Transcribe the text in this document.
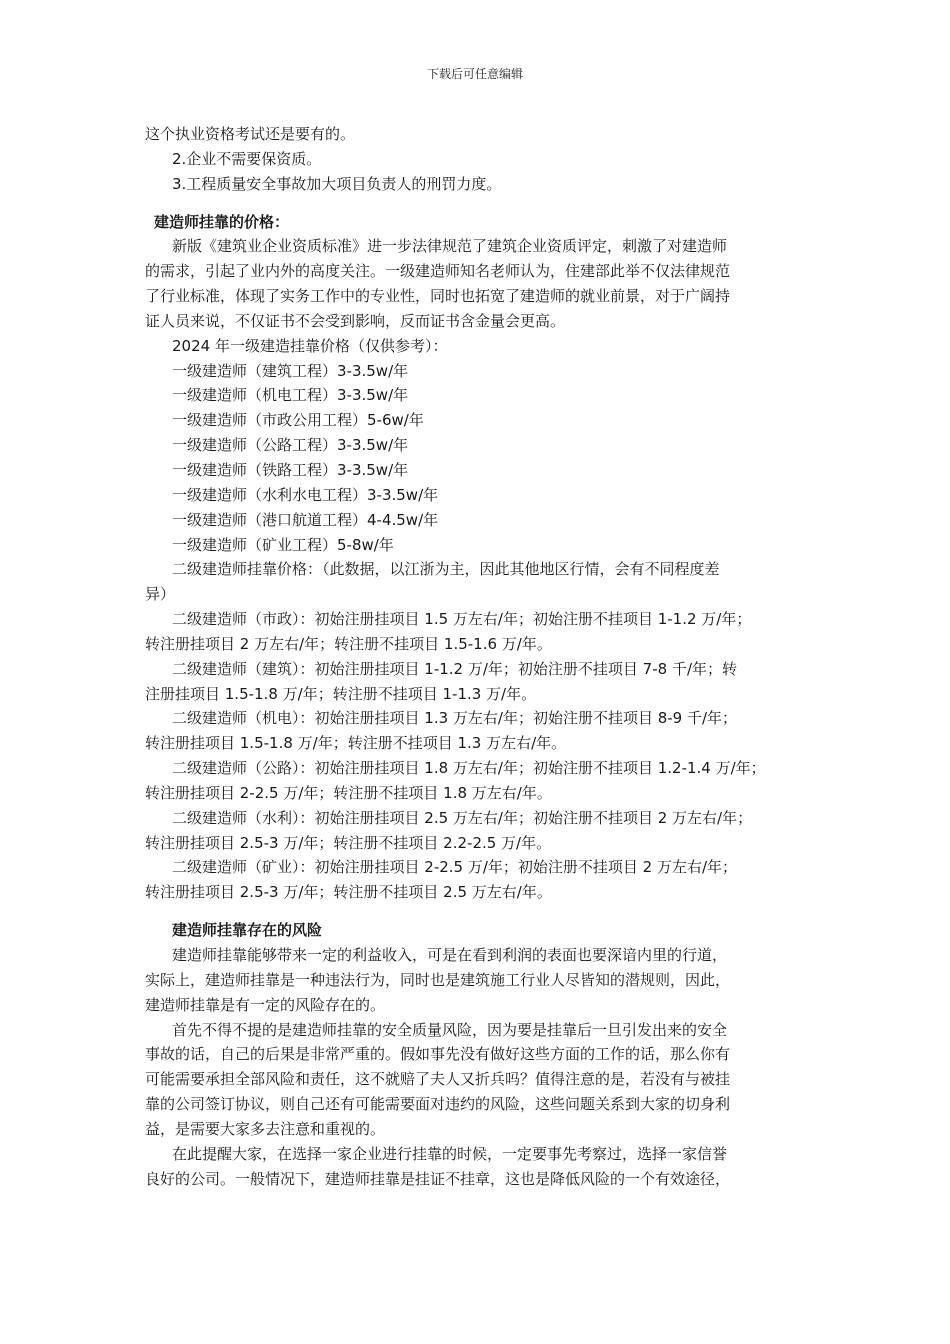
下载后可任意编辑

这个执业资格考试还是要有的。

2.企业不需要保资质。

3.工程质量安全事故加大项目负责人的刑罚力度。

建造师挂靠的价格：

新版《建筑业企业资质标准》进一步法律规范了建筑企业资质评定，刺激了对建造师

的需求，引起了业内外的高度关注。一级建造师知名老师认为，住建部此举不仅法律规范

了行业标准，体现了实务工作中的专业性，同时也拓宽了建造师的就业前景，对于广阔持

证人员来说，不仅证书不会受到影响，反而证书含金量会更高。

2024 年一级建造挂靠价格（仅供参考）：

一级建造师（建筑工程）3-3.5w/年

一级建造师（机电工程）3-3.5w/年

一级建造师（市政公用工程）5-6w/年

一级建造师（公路工程）3-3.5w/年

一级建造师（铁路工程）3-3.5w/年

一级建造师（水利水电工程）3-3.5w/年

一级建造师（港口航道工程）4-4.5w/年

一级建造师（矿业工程）5-8w/年

二级建造师挂靠价格：（此数据，以江浙为主，因此其他地区行情，会有不同程度差

异）

二级建造师（市政）：初始注册挂项目 1.5 万左右/年；初始注册不挂项目 1-1.2 万/年；

转注册挂项目 2 万左右/年；转注册不挂项目 1.5-1.6 万/年。

二级建造师（建筑）：初始注册挂项目 1-1.2 万/年；初始注册不挂项目 7-8 千/年；转

注册挂项目 1.5-1.8 万/年；转注册不挂项目 1-1.3 万/年。

二级建造师（机电）：初始注册挂项目 1.3 万左右/年；初始注册不挂项目 8-9 千/年；

转注册挂项目 1.5-1.8 万/年；转注册不挂项目 1.3 万左右/年。

二级建造师（公路）：初始注册挂项目 1.8 万左右/年；初始注册不挂项目 1.2-1.4 万/年；

转注册挂项目 2-2.5 万/年；转注册不挂项目 1.8 万左右/年。

二级建造师（水利）：初始注册挂项目 2.5 万左右/年；初始注册不挂项目 2 万左右/年；

转注册挂项目 2.5-3 万/年；转注册不挂项目 2.2-2.5 万/年。

二级建造师（矿业）：初始注册挂项目 2-2.5 万/年；初始注册不挂项目 2 万左右/年；

转注册挂项目 2.5-3 万/年；转注册不挂项目 2.5 万左右/年。

建造师挂靠存在的风险

建造师挂靠能够带来一定的利益收入，可是在看到利润的表面也要深谙内里的行道，

实际上，建造师挂靠是一种违法行为，同时也是建筑施工行业人尽皆知的潜规则，因此，

建造师挂靠是有一定的风险存在的。

首先不得不提的是建造师挂靠的安全质量风险，因为要是挂靠后一旦引发出来的安全

事故的话，自己的后果是非常严重的。假如事先没有做好这些方面的工作的话，那么你有

可能需要承担全部风险和责任，这不就赔了夫人又折兵吗？值得注意的是，若没有与被挂

靠的公司签订协议，则自己还有可能需要面对违约的风险，这些问题关系到大家的切身利

益，是需要大家多去注意和重视的。

在此提醒大家，在选择一家企业进行挂靠的时候，一定要事先考察过，选择一家信誉

良好的公司。一般情况下，建造师挂靠是挂证不挂章，这也是降低风险的一个有效途径，
